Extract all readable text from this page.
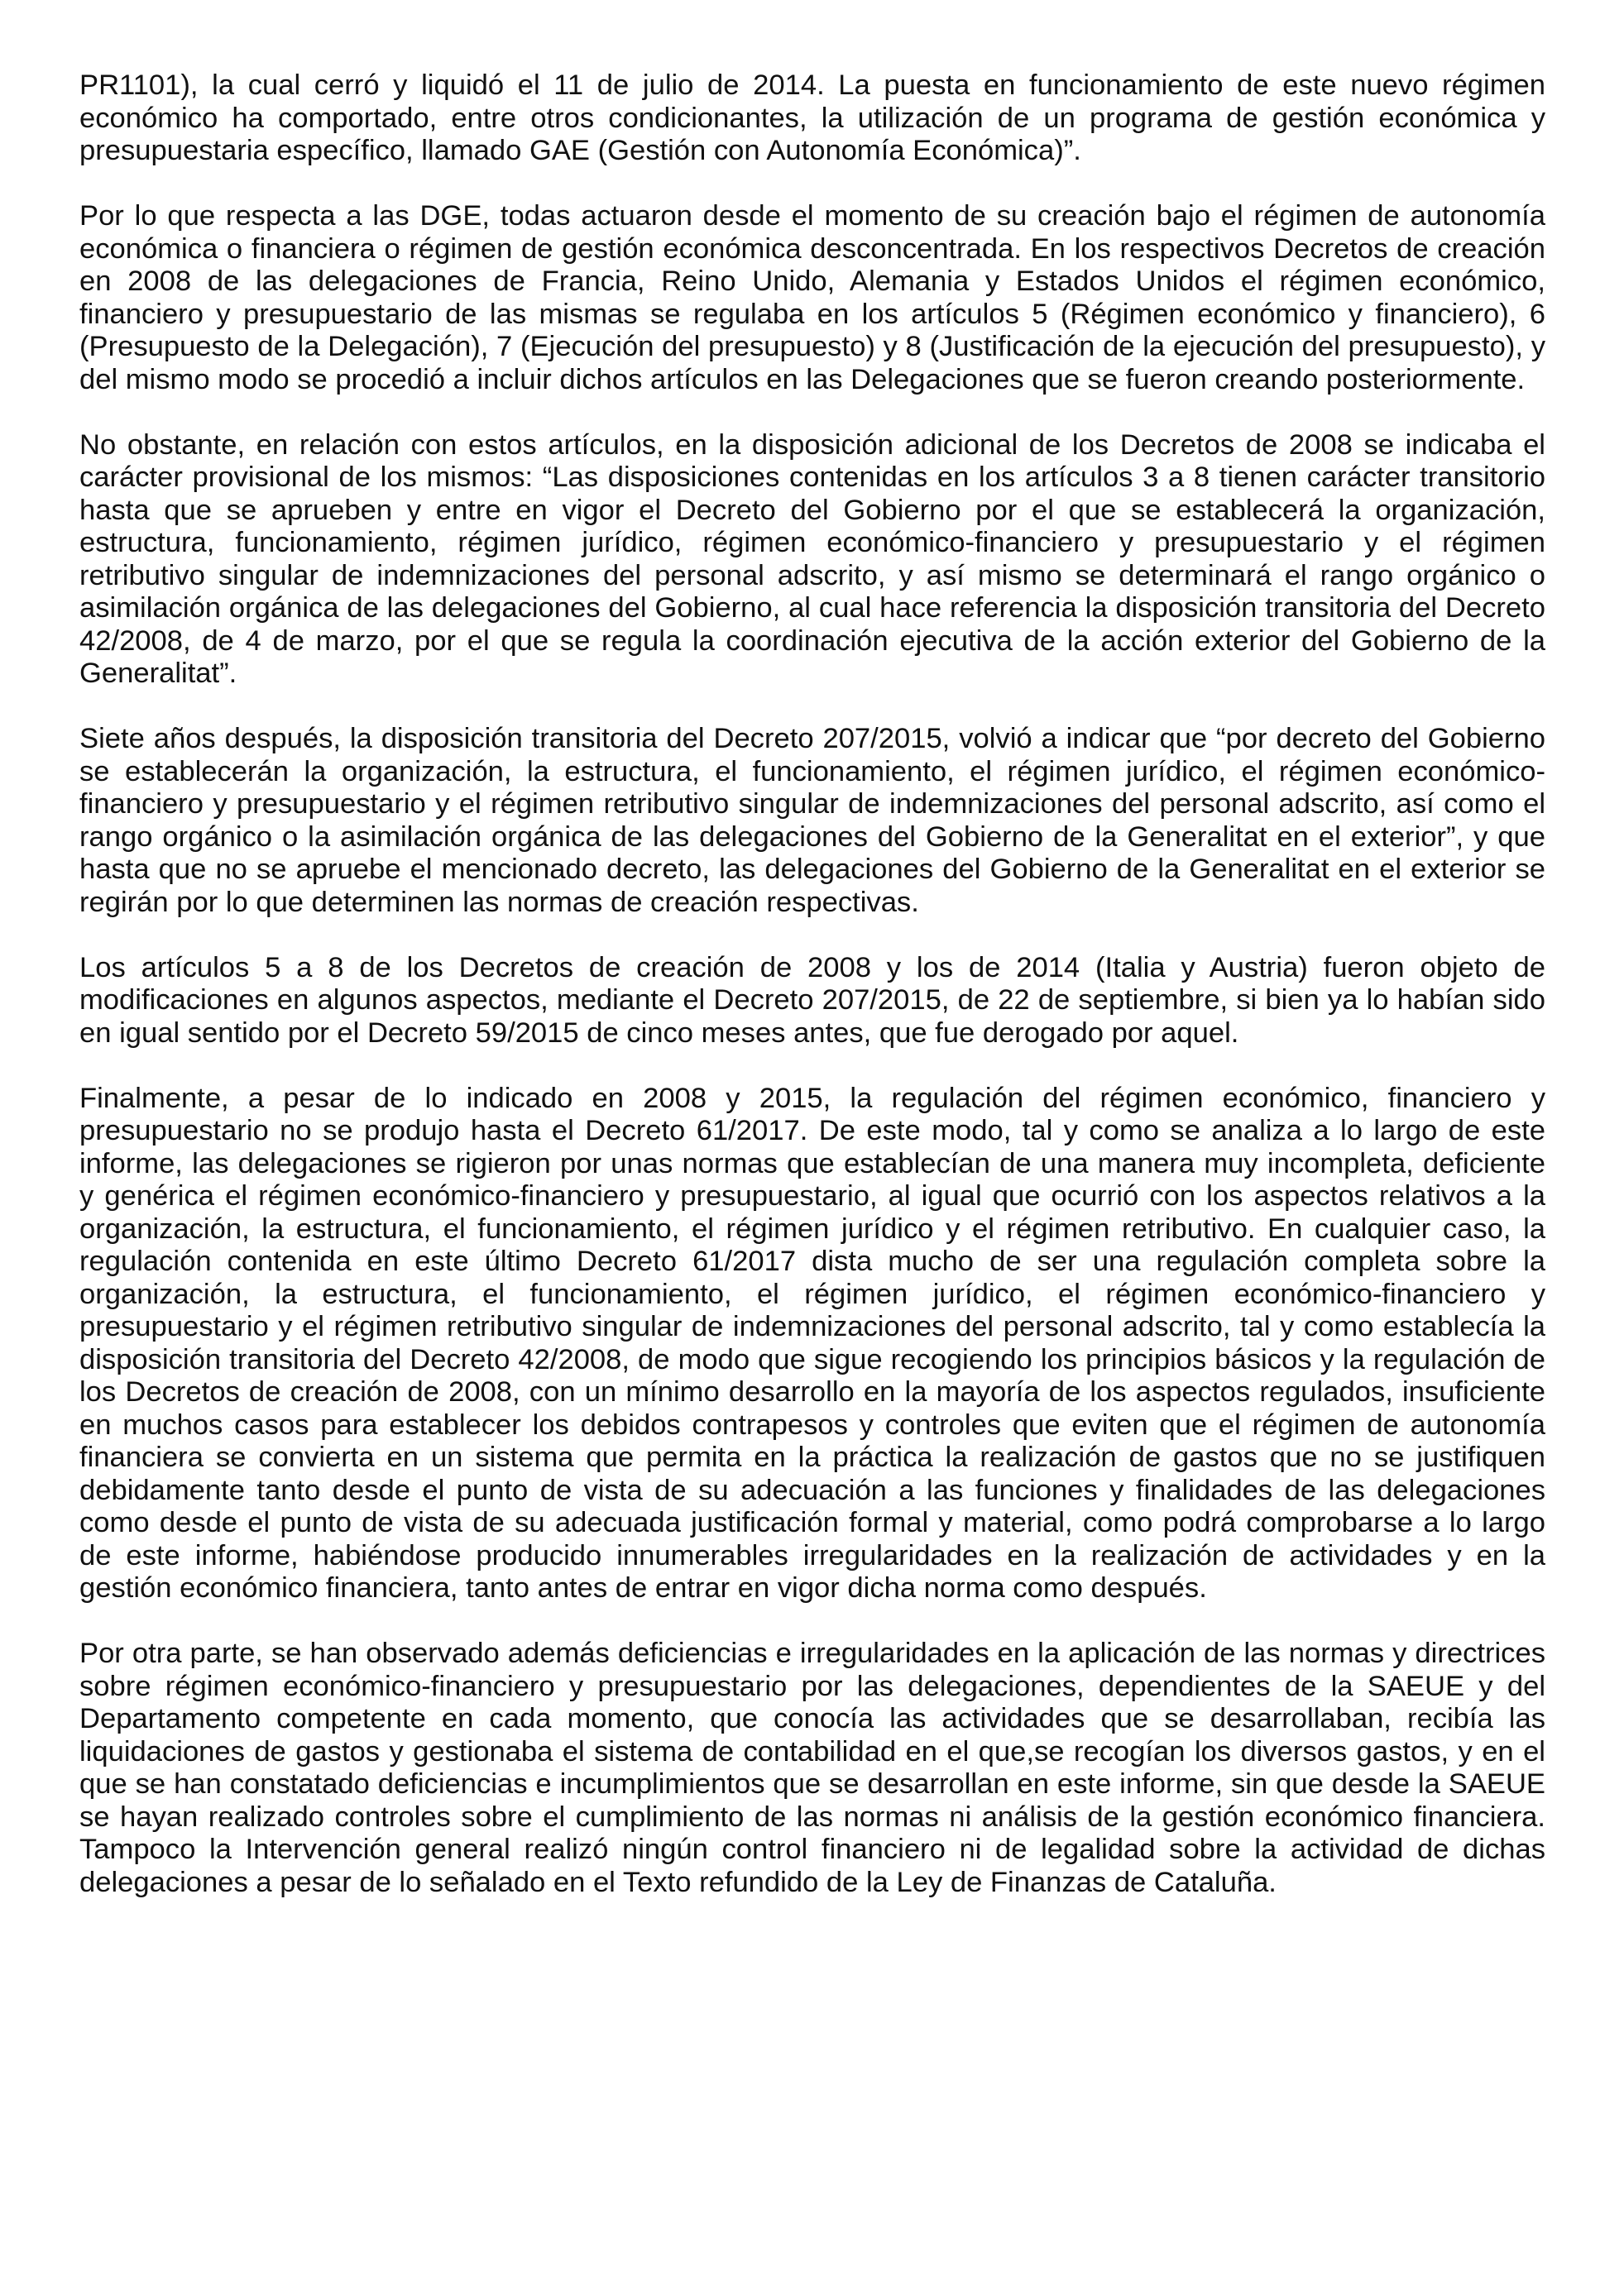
PR1101), la cual cerró y liquidó el 11 de julio de 2014. La puesta en funcionamiento de este nuevo régimen económico ha comportado, entre otros condicionantes, la utilización de un programa de gestión económica y presupuestaria específico, llamado GAE (Gestión con Autonomía Económica)”.

Por lo que respecta a las DGE, todas actuaron desde el momento de su creación bajo el régimen de autonomía económica o financiera o régimen de gestión económica desconcentrada. En los respectivos Decretos de creación en 2008 de las delegaciones de Francia, Reino Unido, Alemania y Estados Unidos el régimen económico, financiero y presupuestario de las mismas se regulaba en los artículos 5 (Régimen económico y financiero), 6 (Presupuesto de la Delegación), 7 (Ejecución del presupuesto) y 8 (Justificación de la ejecución del presupuesto), y del mismo modo se procedió a incluir dichos artículos en las Delegaciones que se fueron creando posteriormente.

No obstante, en relación con estos artículos, en la disposición adicional de los Decretos de 2008 se indicaba el carácter provisional de los mismos: “Las disposiciones contenidas en los artículos 3 a 8 tienen carácter transitorio hasta que se aprueben y entre en vigor el Decreto del Gobierno por el que se establecerá la organización, estructura, funcionamiento, régimen jurídico, régimen económico-financiero y presupuestario y el régimen retributivo singular de indemnizaciones del personal adscrito, y así mismo se determinará el rango orgánico o asimilación orgánica de las delegaciones del Gobierno, al cual hace referencia la disposición transitoria del Decreto 42/2008, de 4 de marzo, por el que se regula la coordinación ejecutiva de la acción exterior del Gobierno de la Generalitat”.

Siete años después, la disposición transitoria del Decreto 207/2015, volvió a indicar que “por decreto del Gobierno se establecerán la organización, la estructura, el funcionamiento, el régimen jurídico, el régimen económico-financiero y presupuestario y el régimen retributivo singular de indemnizaciones del personal adscrito, así como el rango orgánico o la asimilación orgánica de las delegaciones del Gobierno de la Generalitat en el exterior”, y que hasta que no se apruebe el mencionado decreto, las delegaciones del Gobierno de la Generalitat en el exterior se regirán por lo que determinen las normas de creación respectivas.

Los artículos 5 a 8 de los Decretos de creación de 2008 y los de 2014 (Italia y Austria) fueron objeto de modificaciones en algunos aspectos, mediante el Decreto 207/2015, de 22 de septiembre, si bien ya lo habían sido en igual sentido por el Decreto 59/2015 de cinco meses antes, que fue derogado por aquel.

Finalmente, a pesar de lo indicado en 2008 y 2015, la regulación del régimen económico, financiero y presupuestario no se produjo hasta el Decreto 61/2017. De este modo, tal y como se analiza a lo largo de este informe, las delegaciones se rigieron por unas normas que establecían de una manera muy incompleta, deficiente y genérica el régimen económico-financiero y presupuestario, al igual que ocurrió con los aspectos relativos a la organización, la estructura, el funcionamiento, el régimen jurídico y el régimen retributivo. En cualquier caso, la regulación contenida en este último Decreto 61/2017 dista mucho de ser una regulación completa sobre la organización, la estructura, el funcionamiento, el régimen jurídico, el régimen económico-financiero y presupuestario y el régimen retributivo singular de indemnizaciones del personal adscrito, tal y como establecía la disposición transitoria del Decreto 42/2008, de modo que sigue recogiendo los principios básicos y la regulación de los Decretos de creación de 2008, con un mínimo desarrollo en la mayoría de los aspectos regulados, insuficiente en muchos casos para establecer los debidos contrapesos y controles que eviten que el régimen de autonomía financiera se convierta en un sistema que permita en la práctica la realización de gastos que no se justifiquen debidamente tanto desde el punto de vista de su adecuación a las funciones y finalidades de las delegaciones como desde el punto de vista de su adecuada justificación formal y material, como podrá comprobarse a lo largo de este informe, habiéndose producido innumerables irregularidades en la realización de actividades y en la gestión económico financiera, tanto antes de entrar en vigor dicha norma como después.

Por otra parte, se han observado además deficiencias e irregularidades en la aplicación de las normas y directrices sobre régimen económico-financiero y presupuestario por las delegaciones, dependientes de la SAEUE y del Departamento competente en cada momento, que conocía las actividades que se desarrollaban, recibía las liquidaciones de gastos y gestionaba el sistema de contabilidad en el que,se recogían los diversos gastos, y en el que se han constatado deficiencias e incumplimientos que se desarrollan en este informe, sin que desde la SAEUE se hayan realizado controles sobre el cumplimiento de las normas ni análisis de la gestión económico financiera. Tampoco la Intervención general realizó ningún control financiero ni de legalidad sobre la actividad de dichas delegaciones a pesar de lo señalado en el Texto refundido de la Ley de Finanzas de Cataluña.
